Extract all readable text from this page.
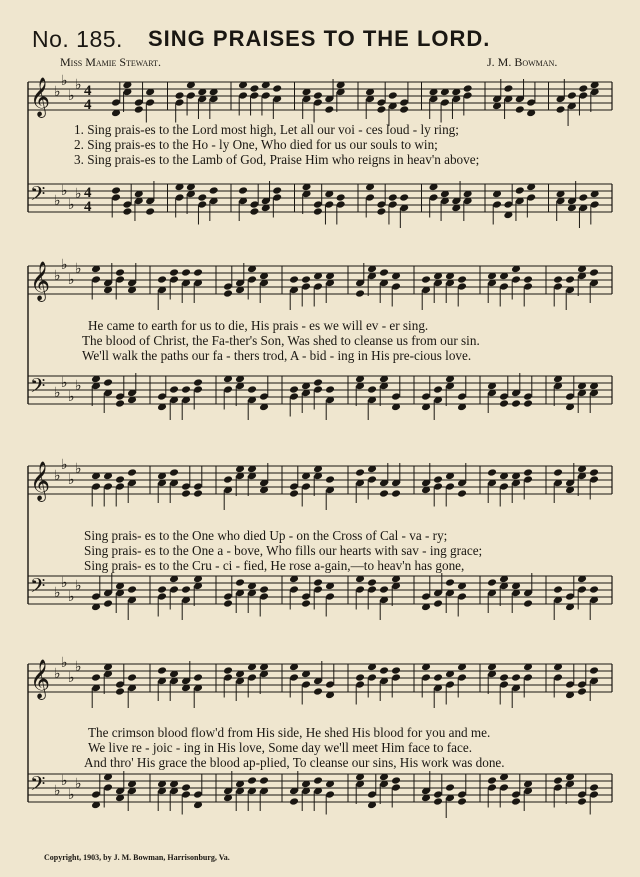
No. 185. SING PRAISES TO THE LORD.
Miss Mamie Stewart.	J. M. Bowman.
𝄞 ♭
♭
♭
♭ 4
4
𝄢 ♭
♭
♭
♭ 4
4
1. Sing prais-es to the Lord most high, Let all our voi - ces loud - ly ring;
2. Sing prais-es to the Ho - ly One, Who died for us our souls to win;
3. Sing prais-es to the Lamb of God, Praise Him who reigns in heav'n above;
𝄞 ♭
♭
♭
♭
𝄢 ♭
♭
♭
♭
He came to earth for us to die, His prais - es we will ev - er sing.
The blood of Christ, the Fa-ther's Son, Was shed to cleanse us from our sin.
We'll walk the paths our fa - thers trod, A - bid - ing in His pre-cious love.
𝄞 ♭
♭
♭
♭
𝄢 ♭
♭
♭
♭
Sing prais- es to the One who died Up - on the Cross of Cal - va - ry;
Sing prais- es to the One a - bove, Who fills our hearts with sav - ing grace;
Sing prais- es to the Cru - ci - fied, He rose a-gain,—to heav'n has gone,
𝄞 ♭
♭
♭
♭
𝄢 ♭
♭
♭
♭
The crimson blood flow'd from His side, He shed His blood for you and me.
We live re - joic - ing in His love, Some day we'll meet Him face to face.
And thro' His grace the blood ap-plied, To cleanse our sins, His work was done.
Copyright, 1903, by J. M. Bowman, Harrisonburg, Va.
